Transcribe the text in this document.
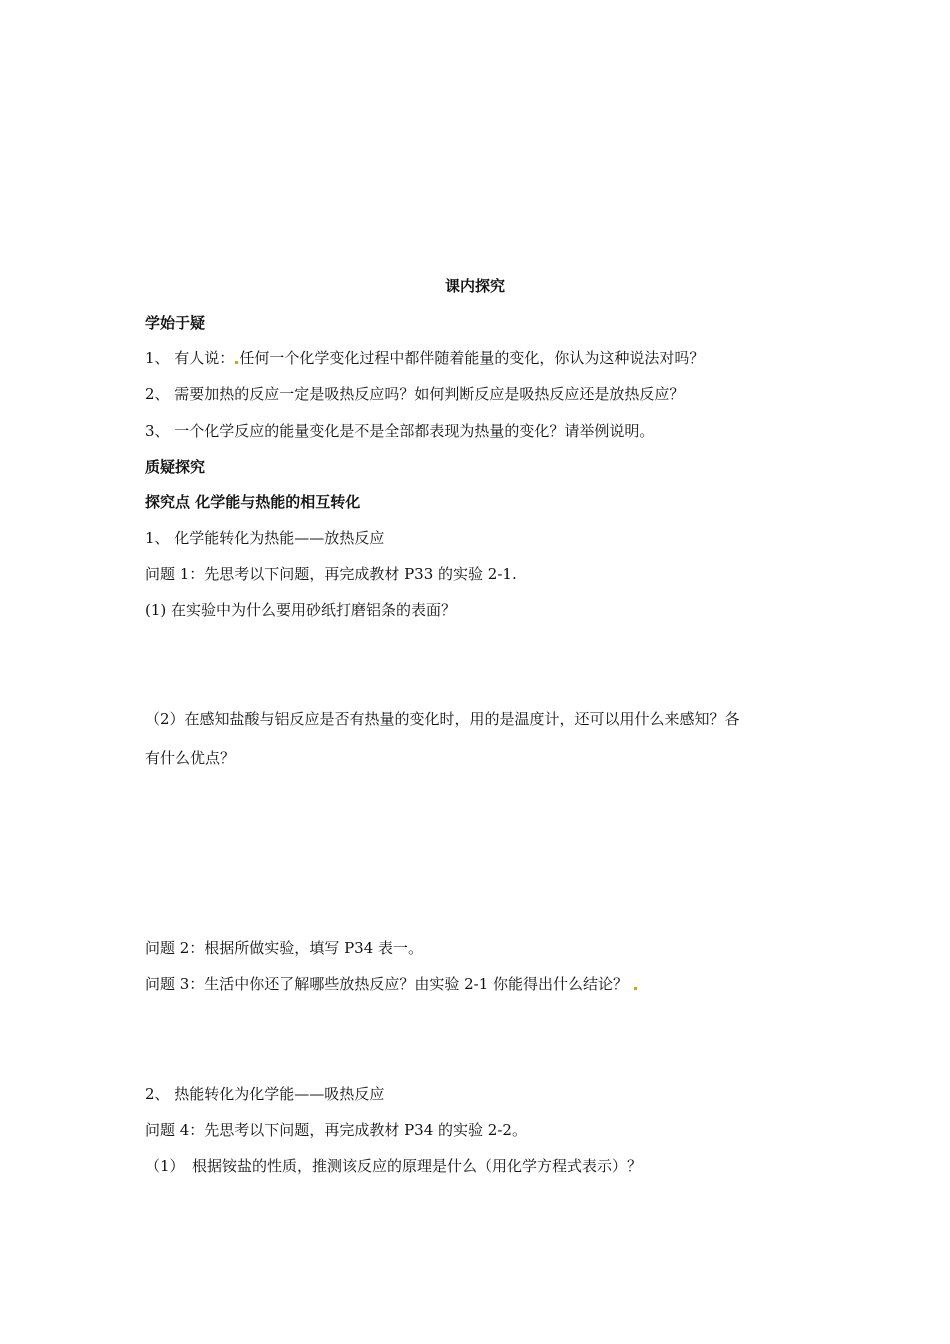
课内探究
学始于疑
1、 有人说： 任何一个化学变化过程中都伴随着能量的变化，你认为这种说法对吗？
2、 需要加热的反应一定是吸热反应吗？如何判断反应是吸热反应还是放热反应？
3、 一个化学反应的能量变化是不是全部都表现为热量的变化？请举例说明。
质疑探究
探究点 化学能与热能的相互转化
1、 化学能转化为热能——放热反应
问题 1：先思考以下问题，再完成教材 P33 的实验 2-1.
(1) 在实验中为什么要用砂纸打磨铝条的表面？
（2）在感知盐酸与铝反应是否有热量的变化时，用的是温度计，还可以用什么来感知？各
有什么优点？
问题 2：根据所做实验，填写 P34 表一。
问题 3：生活中你还了解哪些放热反应？由实验 2-1 你能得出什么结论？
2、 热能转化为化学能——吸热反应
问题 4：先思考以下问题，再完成教材 P34 的实验 2-2。
（1）　根据铵盐的性质，推测该反应的原理是什么（用化学方程式表示）？
